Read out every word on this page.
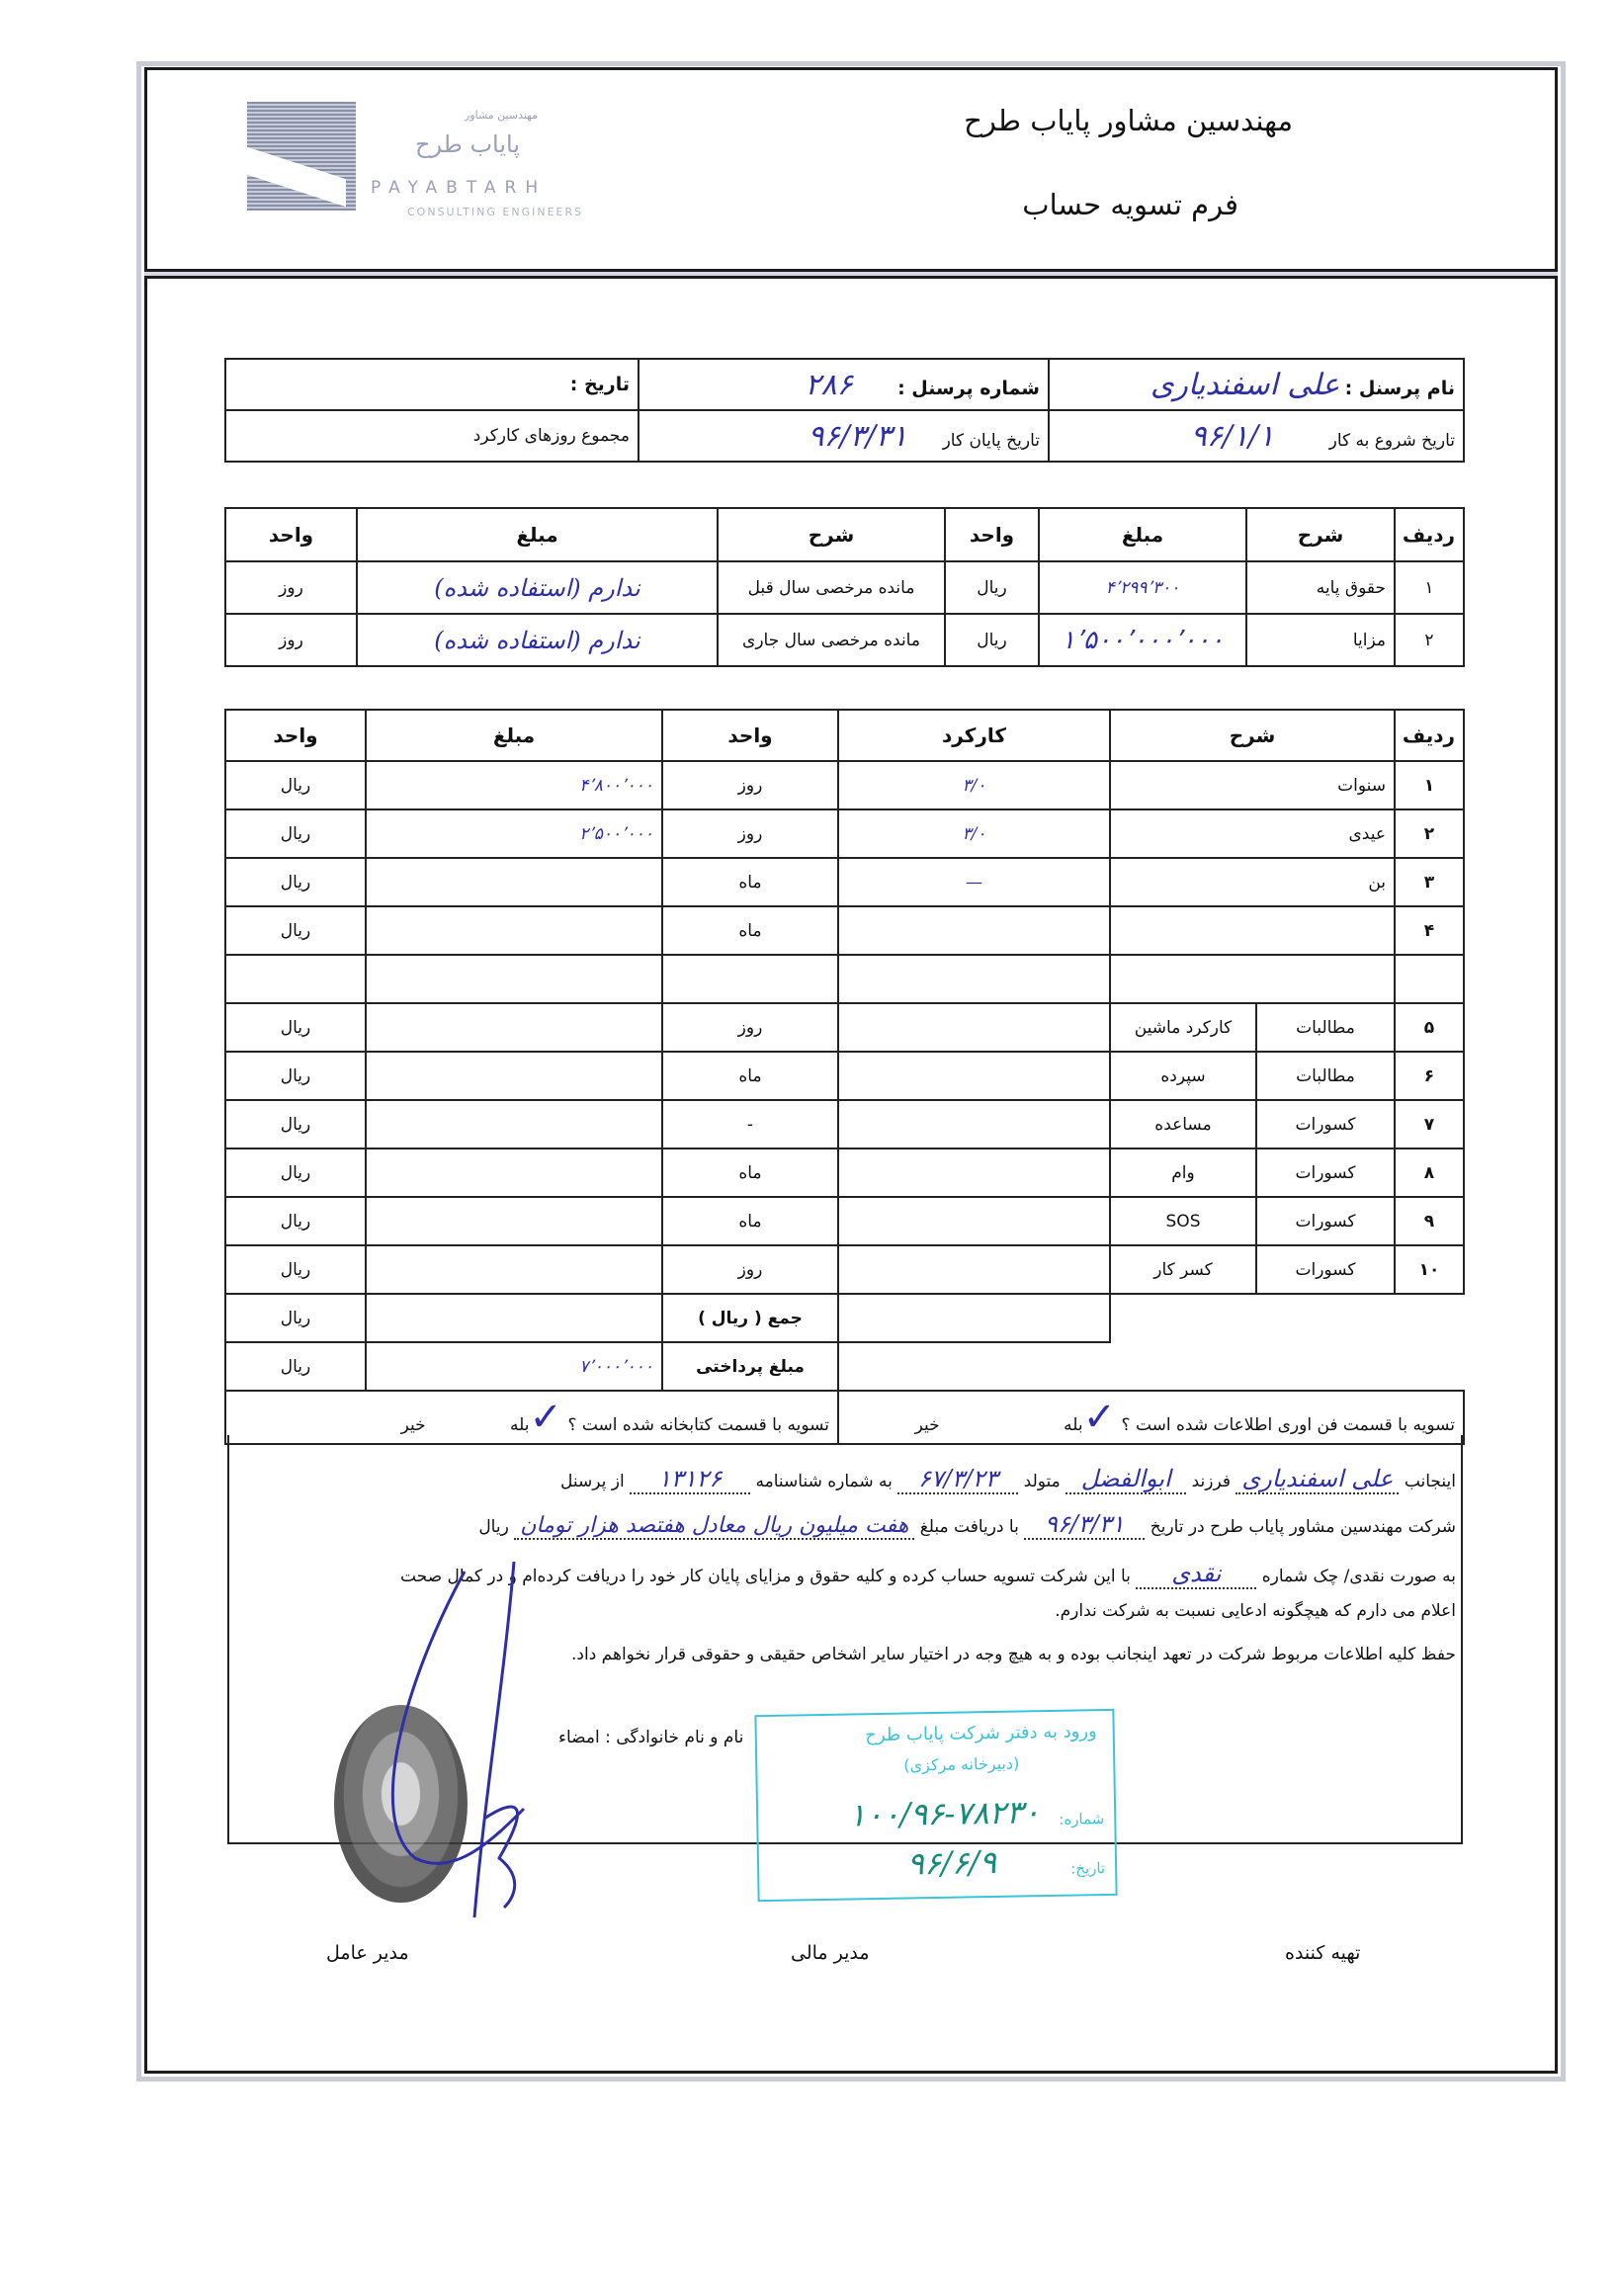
مهندسین مشاور
پایاب طرح
PAYABTARH
CONSULTING ENGINEERS
مهندسین مشاور پایاب طرح
فرم تسویه حساب
نام پرسنل : علی اسفندیاری	شماره پرسنل : ۲۸۶	تاریخ :
تاریخ شروع به کار ۹۶/۱/۱	تاریخ پایان کار ۹۶/۳/۳۱	مجموع روزهای کارکرد
ردیف	شرح	مبلغ	واحد	شرح	مبلغ	واحد
۱	حقوق پایه	۴٬۲۹۹٬۳۰۰	ریال	مانده مرخصی سال قبل	ندارم (استفاده شده)	روز
۲	مزایا	۱٬۵۰۰٬۰۰۰٬۰۰۰	ریال	مانده مرخصی سال جاری	ندارم (استفاده شده)	روز
ردیف	شرح		کارکرد	واحد	مبلغ	واحد
۱	سنوات		۳/۰	روز	۴٬۸۰۰٬۰۰۰	ریال
۲	عیدی		۳/۰	روز	۲٬۵۰۰٬۰۰۰	ریال
۳	بن		—	ماه		ریال
۴				ماه		ریال

۵	مطالبات	کارکرد ماشین		روز		ریال
۶	مطالبات	سپرده		ماه		ریال
۷	کسورات	مساعده		-		ریال
۸	کسورات	وام		ماه		ریال
۹	کسورات	SOS		ماه		ریال
۱۰	کسورات	کسر کار		روز		ریال
				جمع ( ریال )		ریال
				مبلغ پرداختی	۷٬۰۰۰٬۰۰۰	ریال
تسویه با قسمت فن اوری اطلاعات شده است ؟ ✓بله خیر				تسویه با قسمت کتابخانه شده است ؟ ✓بله خیر		
اینجانب علی اسفندیاری فرزند ابوالفضل متولد ۶۷/۳/۲۳ به شماره شناسنامه ۱۳۱۲۶ از پرسنل
شرکت مهندسین مشاور پایاب طرح در تاریخ ۹۶/۳/۳۱ با دریافت مبلغ هفت میلیون ریال معادل هفتصد هزار تومان ریال
به صورت نقدی/ چک شماره نقدی با این شرکت تسویه حساب کرده و کلیه حقوق و مزایای پایان کار خود را دریافت کرده‌ام و در کمال صحت
اعلام می دارم که هیچگونه ادعایی نسبت به شرکت ندارم.
حفظ کلیه اطلاعات مربوط شرکت در تعهد اینجانب بوده و به هیچ وجه در اختیار سایر اشخاص حقیقی و حقوقی قرار نخواهم داد.
نام و نام خانوادگی : امضاء	ورود به دفتر شرکت پایاب طرح
(دبیرخانه مرکزی)
شماره:
۱۰۰/۹۶-۷۸۲۳۰
تاریخ:
۹۶/۶/۹
تهیه کننده
مدیر مالی
مدیر عامل
